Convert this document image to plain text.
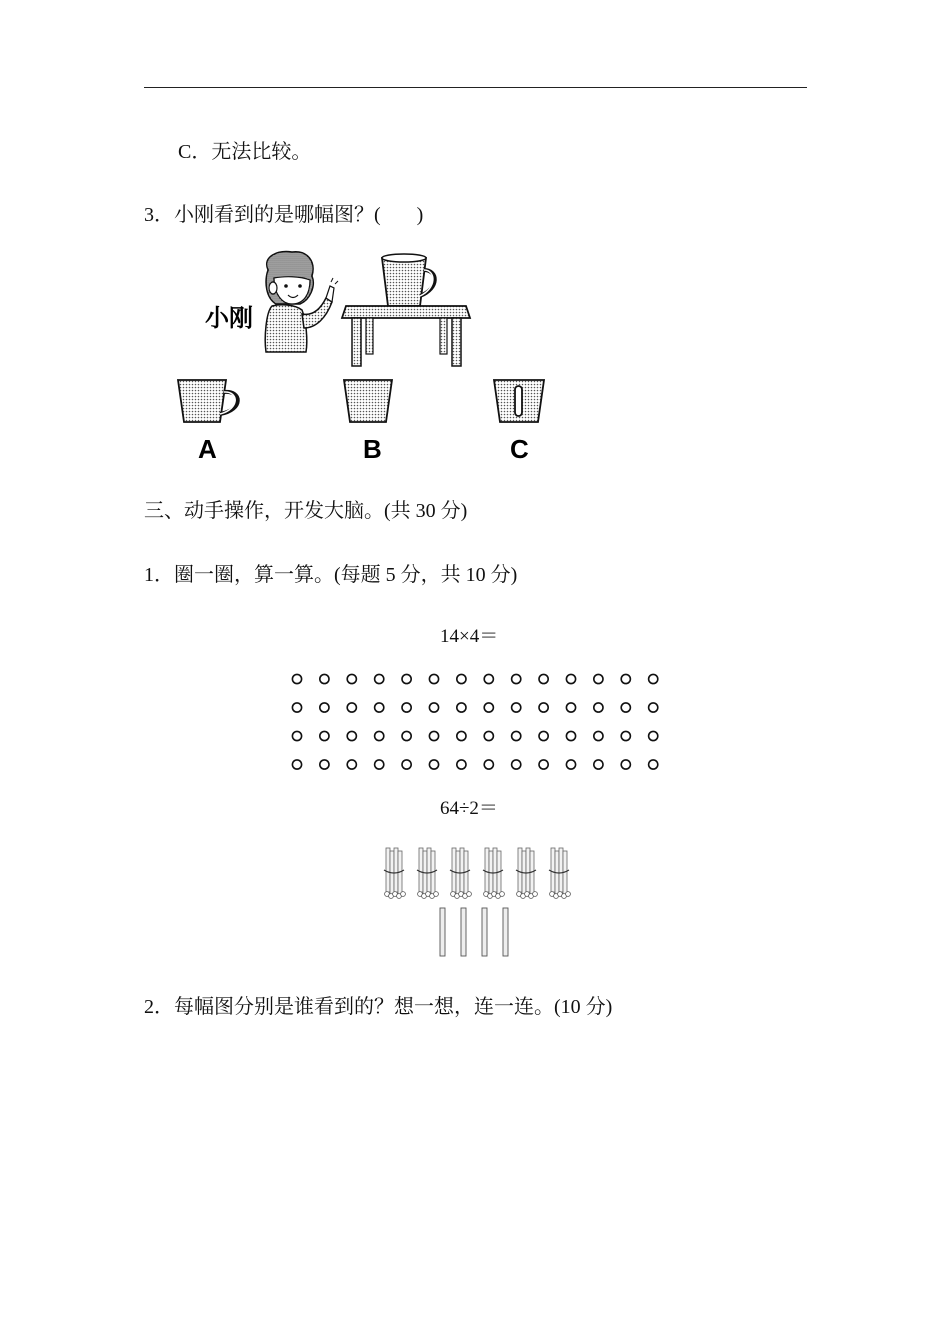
C．无法比较。
3．小刚看到的是哪幅图？( )
小刚
A	B	C
三、动手操作，开发大脑。(共 30 分)
1．圈一圈，算一算。(每题 5 分，共 10 分)
14×4＝
64÷2＝
2．每幅图分别是谁看到的？想一想，连一连。(10 分)
